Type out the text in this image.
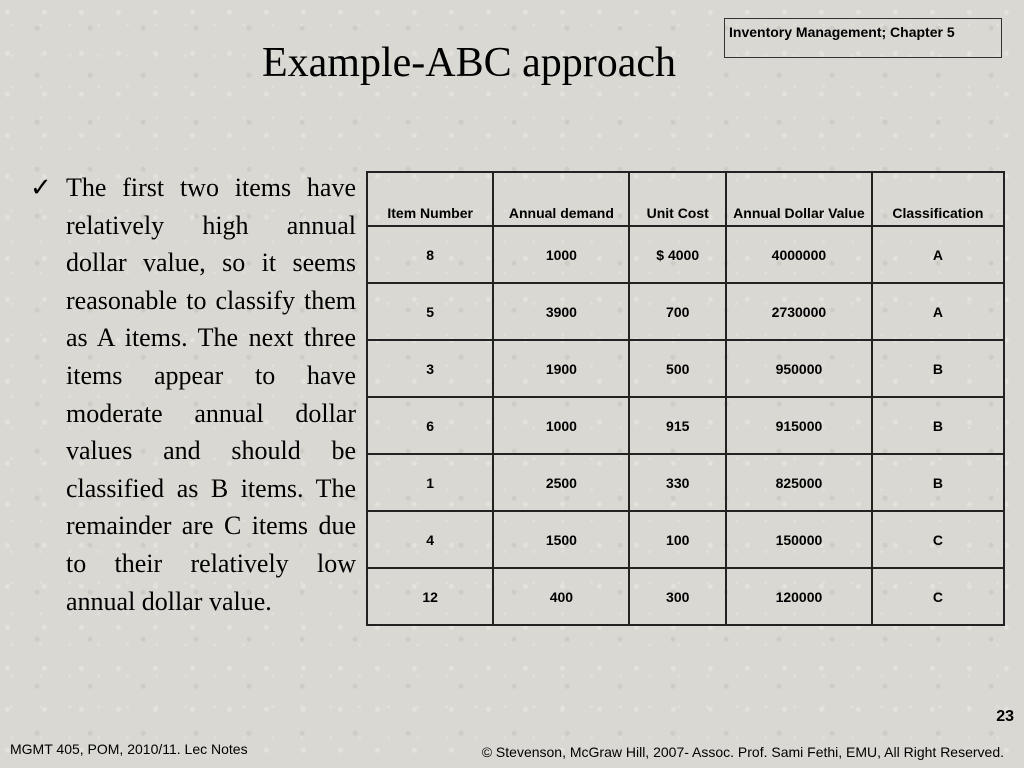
Inventory Management; Chapter 5
Example-ABC approach
✓ The first two items have relatively high annual dollar value, so it seems reasonable to classify them as A items. The next three items appear to have moderate annual dollar values and should be classified as B items. The remainder are C items due to their relatively low annual dollar value.
Item Number	Annual demand	Unit Cost	Annual Dollar Value	Classification
8	1000	$ 4000	4000000	A
5	3900	700	2730000	A
3	1900	500	950000	B
6	1000	915	915000	B
1	2500	330	825000	B
4	1500	100	150000	C
12	400	300	120000	C
23
MGMT 405, POM, 2010/11. Lec Notes	© Stevenson, McGraw Hill, 2007- Assoc. Prof. Sami Fethi, EMU, All Right Reserved.
